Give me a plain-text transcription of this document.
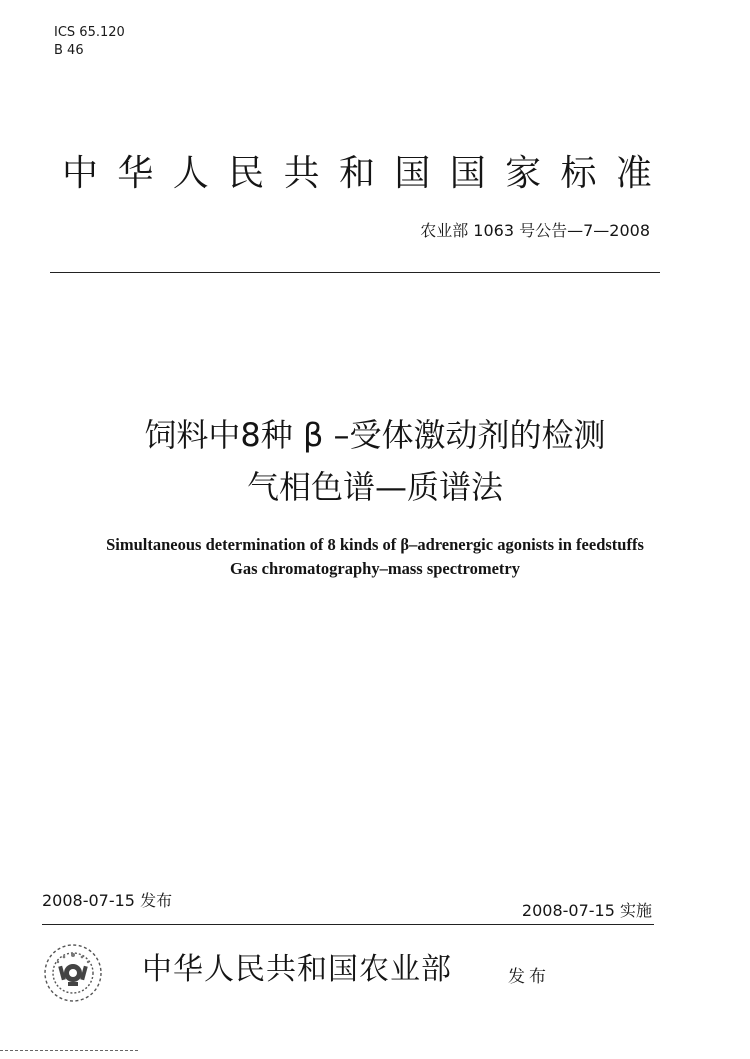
ICS 65.120
B 46
中 华 人 民 共 和 国 国 家 标 准
农业部 1063 号公告—7—2008
饲料中8种 β –受体激动剂的检测
气相色谱—质谱法
Simultaneous determination of 8 kinds of β–adrenergic agonists in feedstuffs
Gas chromatography–mass spectrometry
2008-07-15 发布
2008-07-15 实施
中华人民共和国农业部	发布
